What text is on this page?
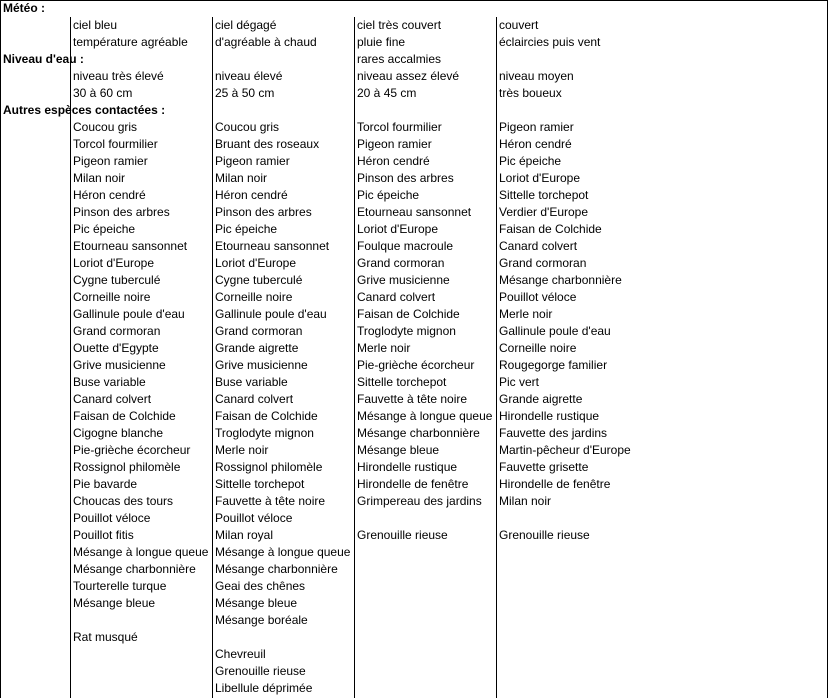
Météo :
Niveau d'eau :
Autres espèces contactées :
ciel bleu
température agréable
ciel dégagé
d'agréable à chaud
ciel très couvert
pluie fine
rares accalmies
couvert
éclaircies puis vent
niveau très élevé
30 à 60 cm
niveau élevé
25 à 50 cm
niveau assez élevé
20 à 45 cm
niveau moyen
très boueux
Coucou gris
Torcol fourmilier
Pigeon ramier
Milan noir
Héron cendré
Pinson des arbres
Pic épeiche
Etourneau sansonnet
Loriot d'Europe
Cygne tuberculé
Corneille noire
Gallinule poule d'eau
Grand cormoran
Ouette d'Egypte
Grive musicienne
Buse variable
Canard colvert
Faisan de Colchide
Cigogne blanche
Pie-grièche écorcheur
Rossignol philomèle
Pie bavarde
Choucas des tours
Pouillot véloce
Pouillot fitis
Mésange à longue queue
Mésange charbonnière
Tourterelle turque
Mésange bleue
Rat musqué
Coucou gris
Bruant des roseaux
Pigeon ramier
Milan noir
Héron cendré
Pinson des arbres
Pic épeiche
Etourneau sansonnet
Loriot d'Europe
Cygne tuberculé
Corneille noire
Gallinule poule d'eau
Grand cormoran
Grande aigrette
Grive musicienne
Buse variable
Canard colvert
Faisan de Colchide
Troglodyte mignon
Merle noir
Rossignol philomèle
Sittelle torchepot
Fauvette à tête noire
Pouillot véloce
Milan royal
Mésange à longue queue
Mésange charbonnière
Geai des chênes
Mésange bleue
Mésange boréale
Chevreuil
Grenouille rieuse
Libellule déprimée
Torcol fourmilier
Pigeon ramier
Héron cendré
Pinson des arbres
Pic épeiche
Etourneau sansonnet
Loriot d'Europe
Foulque macroule
Grand cormoran
Grive musicienne
Canard colvert
Faisan de Colchide
Troglodyte mignon
Merle noir
Pie-grièche écorcheur
Sittelle torchepot
Fauvette à tête noire
Mésange à longue queue
Mésange charbonnière
Mésange bleue
Hirondelle rustique
Hirondelle de fenêtre
Grimpereau des jardins
Grenouille rieuse
Pigeon ramier
Héron cendré
Pic épeiche
Loriot d'Europe
Sittelle torchepot
Verdier d'Europe
Faisan de Colchide
Canard colvert
Grand cormoran
Mésange charbonnière
Pouillot véloce
Merle noir
Gallinule poule d'eau
Corneille noire
Rougegorge familier
Pic vert
Grande aigrette
Hirondelle rustique
Fauvette des jardins
Martin-pêcheur d'Europe
Fauvette grisette
Hirondelle de fenêtre
Milan noir
Grenouille rieuse
